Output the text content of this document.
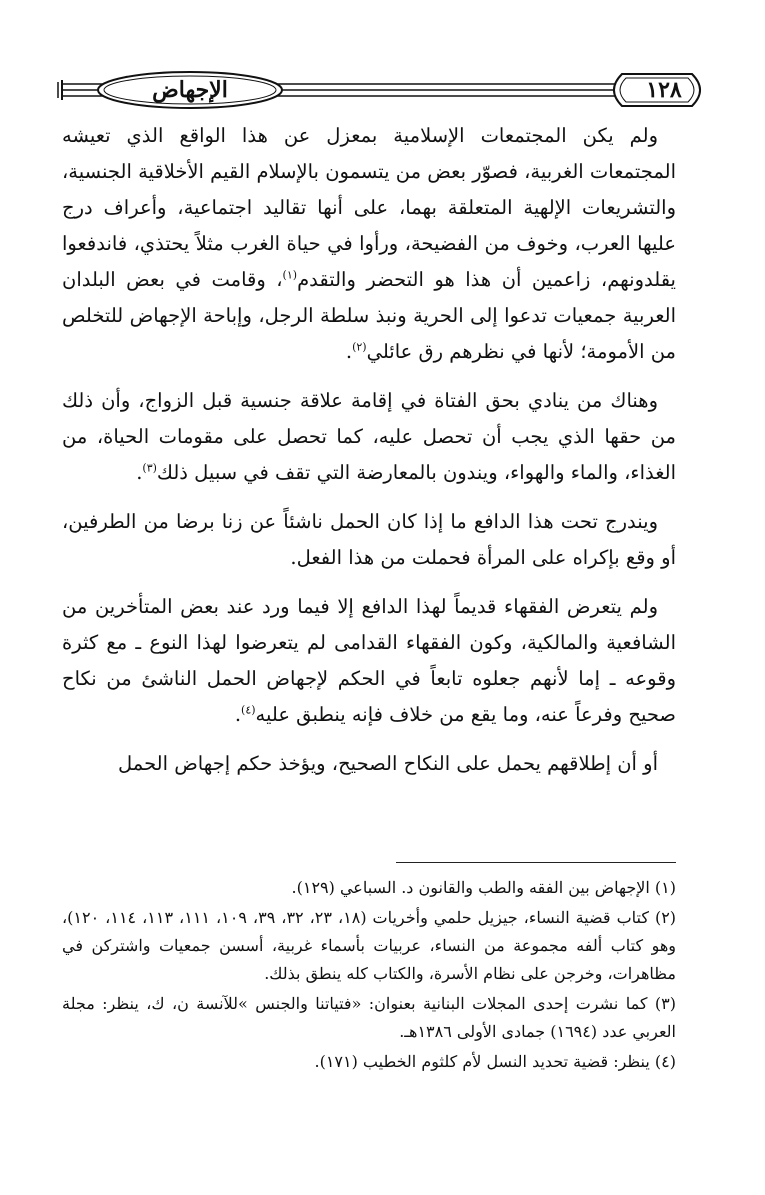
الإجهاض	١٢٨

ولم يكن المجتمعات الإسلامية بمعزل عن هذا الواقع الذي تعيشه المجتمعات الغربية، فصوّر بعض من يتسمون بالإسلام القيم الأخلاقية الجنسية، والتشريعات الإلهية المتعلقة بهما، على أنها تقاليد اجتماعية، وأعراف درج عليها العرب، وخوف من الفضيحة، ورأوا في حياة الغرب مثلاً يحتذي، فاندفعوا يقلدونهم، زاعمين أن هذا هو التحضر والتقدم$^{(١)}$، وقامت في بعض البلدان العربية جمعيات تدعوا إلى الحرية ونبذ سلطة الرجل، وإباحة الإجهاض للتخلص من الأمومة؛ لأنها في نظرهم رق عائلي$^{(٢)}$.

وهناك من ينادي بحق الفتاة في إقامة علاقة جنسية قبل الزواج، وأن ذلك من حقها الذي يجب أن تحصل عليه، كما تحصل على مقومات الحياة، من الغذاء، والماء والهواء، ويندون بالمعارضة التي تقف في سبيل ذلك$^{(٣)}$.

ويندرج تحت هذا الدافع ما إذا كان الحمل ناشئاً عن زنا برضا من الطرفين، أو وقع بإكراه على المرأة فحملت من هذا الفعل.

ولم يتعرض الفقهاء قديماً لهذا الدافع إلا فيما ورد عند بعض المتأخرين من الشافعية والمالكية، وكون الفقهاء القدامى لم يتعرضوا لهذا النوع ـ مع كثرة وقوعه ـ إما لأنهم جعلوه تابعاً في الحكم لإجهاض الحمل الناشئ من نكاح صحيح وفرعاً عنه، وما يقع من خلاف فإنه ينطبق عليه$^{(٤)}$.

أو أن إطلاقهم يحمل على النكاح الصحيح، ويؤخذ حكم إجهاض الحمل

(١) الإجهاض بين الفقه والطب والقانون د. السباعي (١٢٩).
(٢) كتاب قضية النساء، جيزيل حلمي وأخريات (١٨، ٢٣، ٣٢، ٣٩، ١٠٩، ١١١، ١١٣، ١١٤، ١٢٠)، وهو كتاب ألفه مجموعة من النساء، عربيات بأسماء غربية، أسسن جمعيات واشتركن في مظاهرات، وخرجن على نظام الأسرة، والكتاب كله ينطق بذلك.
(٣) كما نشرت إحدى المجلات البنانية بعنوان: «فتياتنا والجنس »للآنسة ن، ك، ينظر: مجلة العربي عدد (١٦٩٤) جمادى الأولى ١٣٨٦هـ.
(٤) ينظر: قضية تحديد النسل لأم كلثوم الخطيب (١٧١).
